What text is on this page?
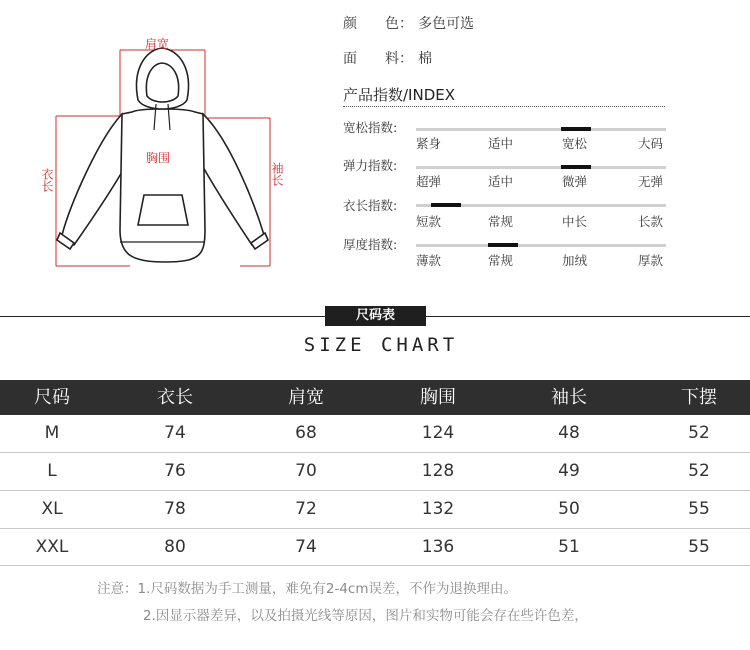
肩宽
胸围
衣长	袖长
颜　　色： 多色可选
面　　料： 棉
产品指数/INDEX
宽松指数:
紧身	适中	宽松	大码
弹力指数:
超弹	适中	微弹	无弹
衣长指数:
短款	常规	中长	长款
厚度指数:
薄款	常规	加绒	厚款
尺码表
SIZE CHART
尺码	衣长	肩宽	胸围	袖长	下摆
M	74	68	124	48	52
L	76	70	128	49	52
XL	78	72	132	50	55
XXL	80	74	136	51	55
注意：1.尺码数据为手工测量，难免有2-4cm误差，不作为退换理由。
2.因显示器差异，以及拍摄光线等原因，图片和实物可能会存在些许色差，
